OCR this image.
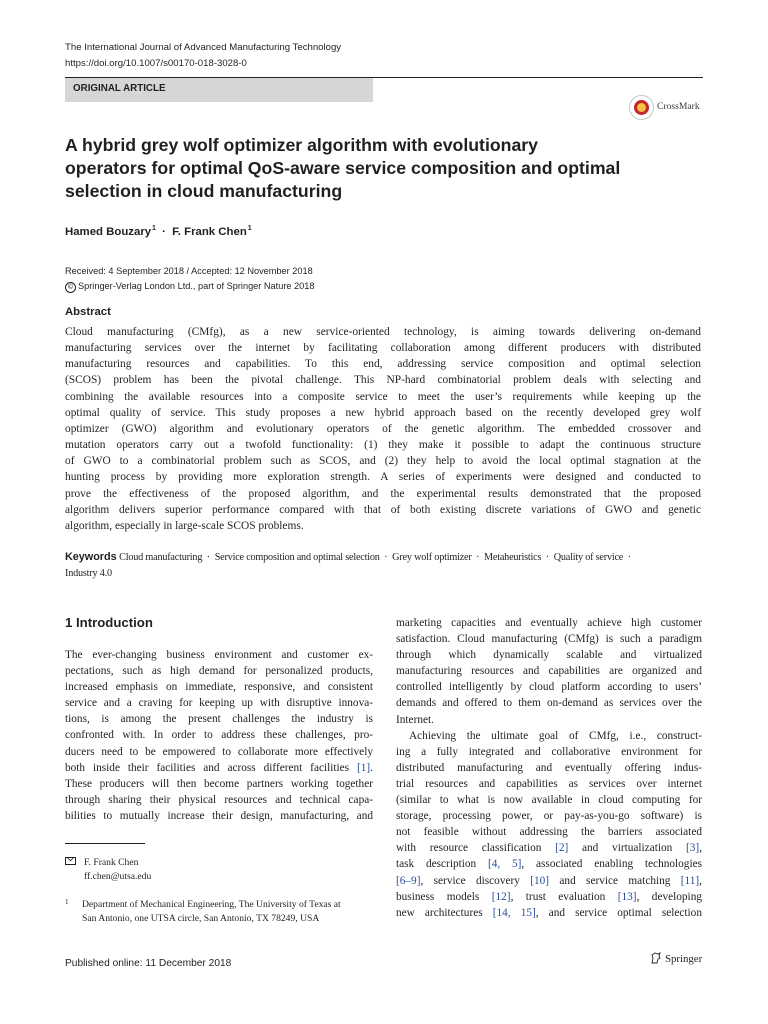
The International Journal of Advanced Manufacturing Technology
https://doi.org/10.1007/s00170-018-3028-0
ORIGINAL ARTICLE
CrossMark
A hybrid grey wolf optimizer algorithm with evolutionary
operators for optimal QoS-aware service composition and optimal
selection in cloud manufacturing
Hamed Bouzary $^1$ · F. Frank Chen $^1$
Received: 4 September 2018 / Accepted: 12 November 2018
© Springer-Verlag London Ltd., part of Springer Nature 2018
Abstract
Cloud manufacturing (CMfg), as a new service-oriented technology, is aiming towards delivering on-demand
manufacturing services over the internet by facilitating collaboration among different producers with distributed
manufacturing resources and capabilities. To this end, addressing service composition and optimal selection
(SCOS) problem has been the pivotal challenge. This NP-hard combinatorial problem deals with selecting and
combining the available resources into a composite service to meet the user’s requirements while keeping up the
optimal quality of service. This study proposes a new hybrid approach based on the recently developed grey wolf
optimizer (GWO) algorithm and evolutionary operators of the genetic algorithm. The embedded crossover and
mutation operators carry out a twofold functionality: (1) they make it possible to adapt the continuous structure
of GWO to a combinatorial problem such as SCOS, and (2) they help to avoid the local optimal stagnation at the
hunting process by providing more exploration strength. A series of experiments were designed and conducted to
prove the effectiveness of the proposed algorithm, and the experimental results demonstrated that the proposed
algorithm delivers superior performance compared with that of both existing discrete variations of GWO and genetic
algorithm, especially in large-scale SCOS problems.
Keywords Cloud manufacturing · Service composition and optimal selection · Grey wolf optimizer · Metaheuristics · Quality of service ·
Industry 4.0
1 Introduction
The ever-changing business environment and customer ex-
pectations, such as high demand for personalized products,
increased emphasis on immediate, responsive, and consistent
service and a craving for keeping up with disruptive innova-
tions, is among the present challenges the industry is
confronted with. In order to address these challenges, pro-
ducers need to be empowered to collaborate more effectively
both inside their facilities and across different facilities [1].
These producers will then become partners working together
through sharing their physical resources and technical capa-
bilities to mutually increase their design, manufacturing, and
marketing capacities and eventually achieve high customer
satisfaction. Cloud manufacturing (CMfg) is such a paradigm
through which dynamically scalable and virtualized
manufacturing resources and capabilities are organized and
controlled intelligently by cloud platform according to users’
demands and offered to them on-demand as services over the
Internet.
Achieving the ultimate goal of CMfg, i.e., construct-
ing a fully integrated and collaborative environment for
distributed manufacturing and eventually offering indus-
trial resources and capabilities as services over internet
(similar to what is now available in cloud computing for
storage, processing power, or pay-as-you-go software) is
not feasible without addressing the barriers associated
with resource classification [2] and virtualization [3],
task description [4, 5], associated enabling technologies
[6–9], service discovery [10] and service matching [11],
business models [12], trust evaluation [13], developing
new architectures [14, 15], and service optimal selection
F. Frank Chen
ff.chen@utsa.edu
1 Department of Mechanical Engineering, The University of Texas at
San Antonio, one UTSA circle, San Antonio, TX 78249, USA
Published online: 11 December 2018	Springer
